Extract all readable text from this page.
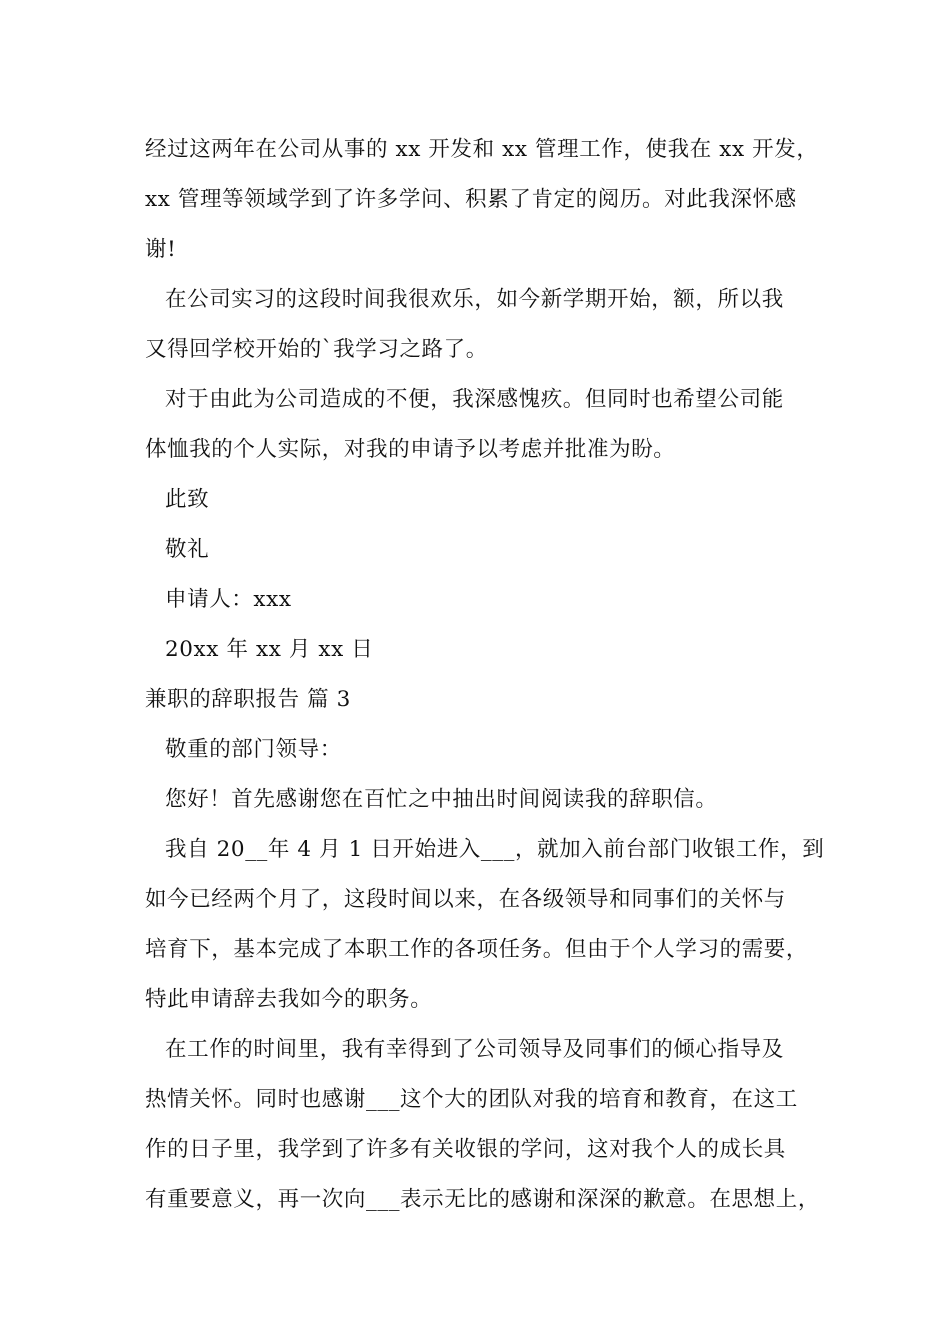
经过这两年在公司从事的 xx 开发和 xx 管理工作，使我在 xx 开发，
xx 管理等领域学到了许多学问、积累了肯定的阅历。对此我深怀感
谢!
在公司实习的这段时间我很欢乐，如今新学期开始，额，所以我
又得回学校开始的`我学习之路了。
对于由此为公司造成的不便，我深感愧疚。但同时也希望公司能
体恤我的个人实际，对我的申请予以考虑并批准为盼。
此致
敬礼
申请人：xxx
20xx 年 xx 月 xx 日
兼职的辞职报告 篇 3
敬重的部门领导：
您好！首先感谢您在百忙之中抽出时间阅读我的辞职信。
我自 20__年 4 月 1 日开始进入___，就加入前台部门收银工作，到
如今已经两个月了，这段时间以来，在各级领导和同事们的关怀与
培育下，基本完成了本职工作的各项任务。但由于个人学习的需要，
特此申请辞去我如今的职务。
在工作的时间里，我有幸得到了公司领导及同事们的倾心指导及
热情关怀。同时也感谢___这个大的团队对我的培育和教育，在这工
作的日子里，我学到了许多有关收银的学问，这对我个人的成长具
有重要意义，再一次向___表示无比的感谢和深深的歉意。在思想上，
